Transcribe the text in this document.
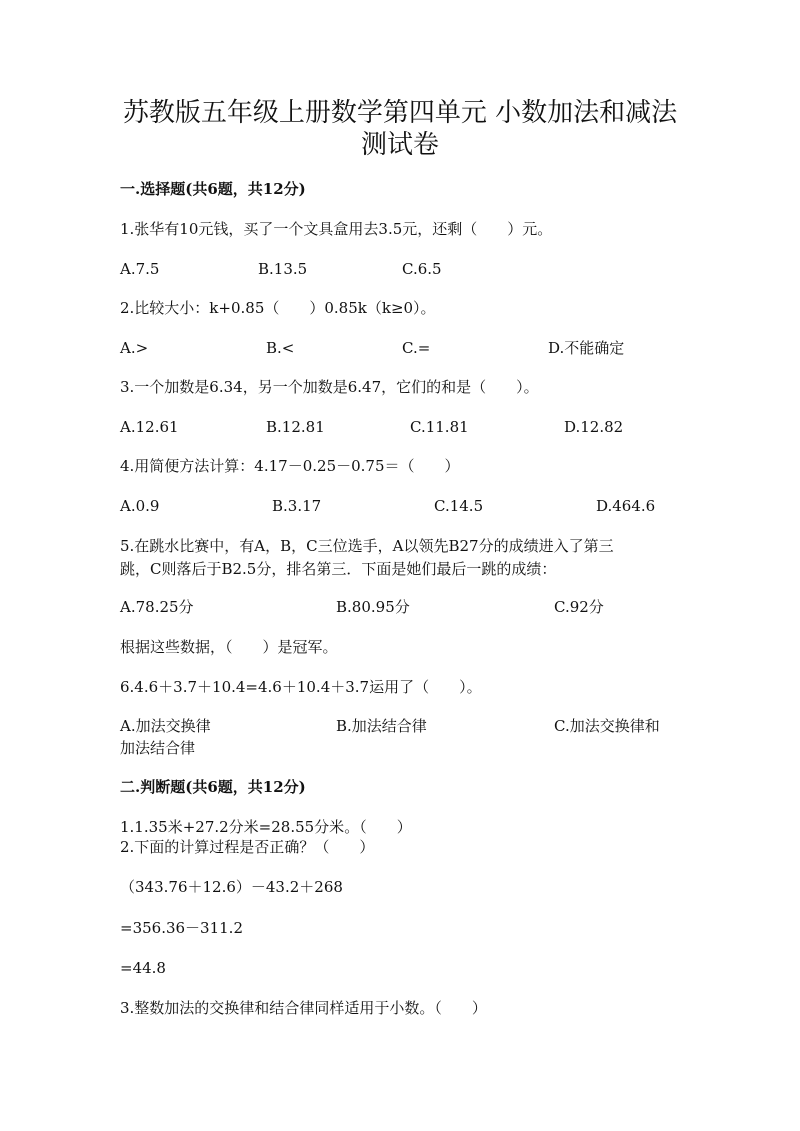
苏教版五年级上册数学第四单元 小数加法和减法
测试卷
一.选择题(共6题，共12分)
1.张华有10元钱，买了一个文具盒用去3.5元，还剩（　　）元。
A.7.5	B.13.5	C.6.5
2.比较大小：k+0.85（　　）0.85k（k≥0）。
A.>	B.<	C.=	D.不能确定
3.一个加数是6.34，另一个加数是6.47，它们的和是（　　）。
A.12.61	B.12.81	C.11.81	D.12.82
4.用简便方法计算：4.17－0.25－0.75＝（　　）
A.0.9	B.3.17	C.14.5	D.464.6
5.在跳水比赛中，有A，B，C三位选手，A以领先B27分的成绩进入了第三
跳，C则落后于B2.5分，排名第三．下面是她们最后一跳的成绩：
A.78.25分	B.80.95分	C.92分
根据这些数据，（　　）是冠军。
6.4.6＋3.7＋10.4=4.6＋10.4＋3.7运用了（　　）。
A.加法交换律	B.加法结合律	C.加法交换律和
加法结合律
二.判断题(共6题，共12分)
1.1.35米+27.2分米=28.55分米。（　　）
2.下面的计算过程是否正确？（　　）
（343.76＋12.6）－43.2＋268
=356.36－311.2
=44.8
3.整数加法的交换律和结合律同样适用于小数。（　　）
